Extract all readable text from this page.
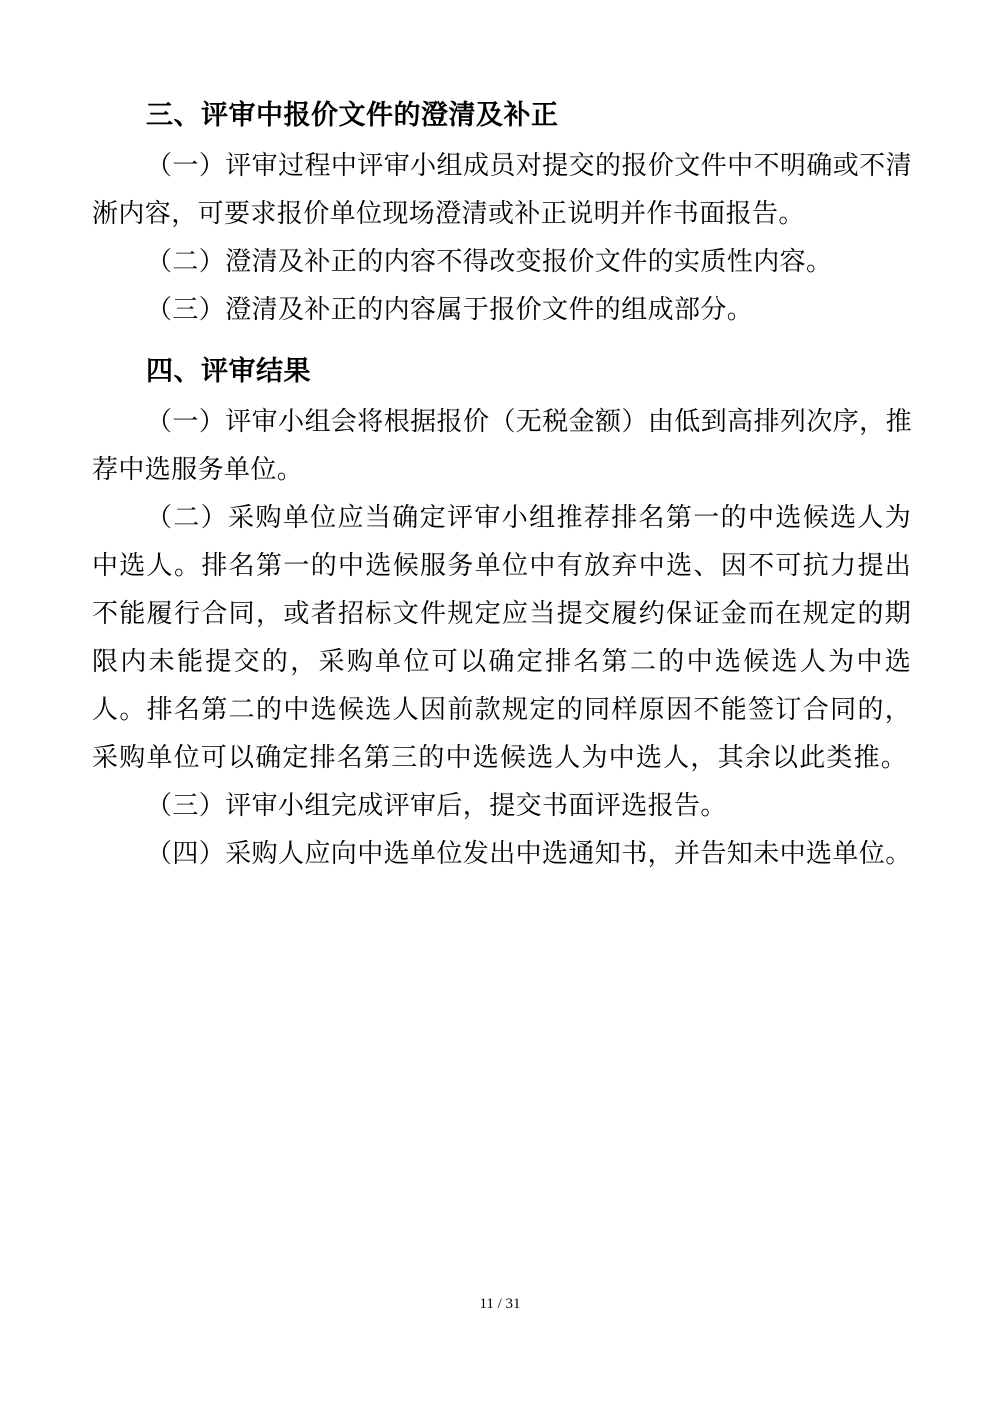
三、评审中报价文件的澄清及补正

（一）评审过程中评审小组成员对提交的报价文件中不明确或不清淅内容，可要求报价单位现场澄清或补正说明并作书面报告。

（二）澄清及补正的内容不得改变报价文件的实质性内容。

（三）澄清及补正的内容属于报价文件的组成部分。

四、评审结果

（一）评审小组会将根据报价（无税金额）由低到高排列次序，推荐中选服务单位。

（二）采购单位应当确定评审小组推荐排名第一的中选候选人为中选人。排名第一的中选候服务单位中有放弃中选、因不可抗力提出不能履行合同，或者招标文件规定应当提交履约保证金而在规定的期限内未能提交的，采购单位可以确定排名第二的中选候选人为中选人。排名第二的中选候选人因前款规定的同样原因不能签订合同的，采购单位可以确定排名第三的中选候选人为中选人，其余以此类推。

（三）评审小组完成评审后，提交书面评选报告。

（四）采购人应向中选单位发出中选通知书，并告知未中选单位。

11 / 31
